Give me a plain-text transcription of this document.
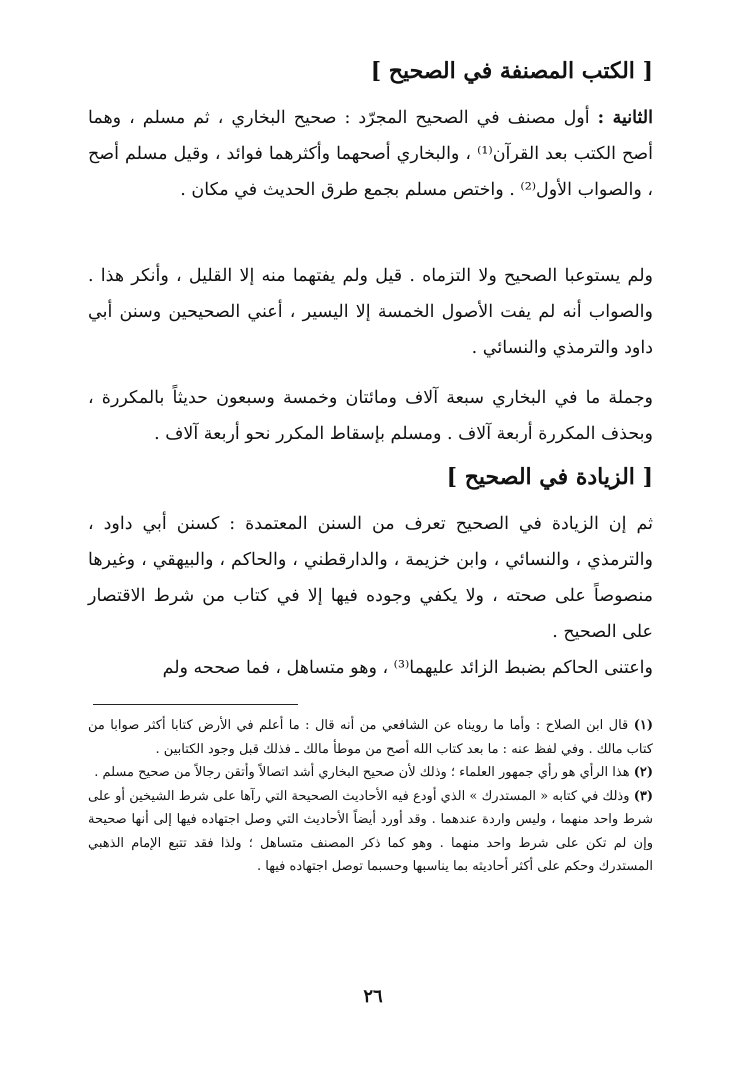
[ الكتب المصنفة في الصحيح ]
الثانية : أول مصنف في الصحيح المجرّد : صحيح البخاري ، ثم مسلم ، وهما أصح الكتب بعد القرآن⁽¹⁾ ، والبخاري أصحهما وأكثرهما فوائد ، وقيل مسلم أصح ، والصواب الأول⁽²⁾ . واختص مسلم بجمع طرق الحديث في مكان .
ولم يستوعبا الصحيح ولا التزماه . قيل ولم يفتهما منه إلا القليل ، وأنكر هذا . والصواب أنه لم يفت الأصول الخمسة إلا اليسير ، أعني الصحيحين وسنن أبي داود والترمذي والنسائي .
وجملة ما في البخاري سبعة آلاف ومائتان وخمسة وسبعون حديثاً بالمكررة ، وبحذف المكررة أربعة آلاف . ومسلم بإسقاط المكرر نحو أربعة آلاف .
[ الزيادة في الصحيح ]
ثم إن الزيادة في الصحيح تعرف من السنن المعتمدة : كسنن أبي داود ، والترمذي ، والنسائي ، وابن خزيمة ، والدارقطني ، والحاكم ، والبيهقي ، وغيرها منصوصاً على صحته ، ولا يكفي وجوده فيها إلا في كتاب من شرط الاقتصار على الصحيح .
واعتنى الحاكم بضبط الزائد عليهما⁽³⁾ ، وهو متساهل ، فما صححه ولم
(١) قال ابن الصلاح : وأما ما رويناه عن الشافعي من أنه قال : ما أعلم في الأرض كتابا أكثر صوابا من كتاب مالك . وفي لفظ عنه : ما بعد كتاب الله أصح من موطأ مالك ـ فذلك قبل وجود الكتابين .
(٢) هذا الرأي هو رأي جمهور العلماء ؛ وذلك لأن صحيح البخاري أشد اتصالاً وأتقن رجالاً من صحيح مسلم .
(٣) وذلك في كتابه « المستدرك » الذي أودع فيه الأحاديث الصحيحة التي رآها على شرط الشيخين أو على شرط واحد منهما ، وليس واردة عندهما . وقد أورد أيضاً الأحاديث التي وصل اجتهاده فيها إلى أنها صحيحة وإن لم تكن على شرط واحد منهما . وهو كما ذكر المصنف متساهل ؛ ولذا فقد تتبع الإمام الذهبي المستدرك وحكم على أكثر أحاديثه بما يناسبها وحسبما توصل اجتهاده فيها .
٢٦
